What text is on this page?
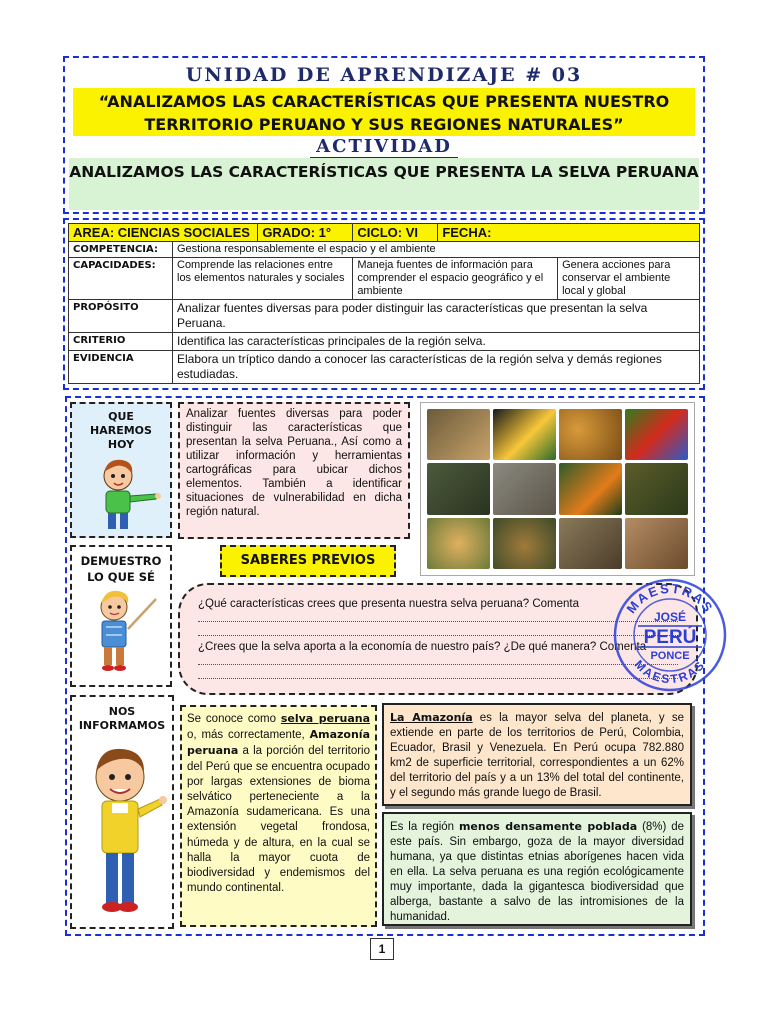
UNIDAD DE APRENDIZAJE # 03
“ANALIZAMOS LAS CARACTERÍSTICAS QUE PRESENTA NUESTRO TERRITORIO PERUANO Y SUS REGIONES NATURALES”
ACTIVIDAD
ANALIZAMOS LAS CARACTERÍSTICAS QUE PRESENTA LA SELVA PERUANA
AREA: CIENCIAS SOCIALES		GRADO: 1°	CICLO: VI	FECHA:	
COMPETENCIA:	Gestiona responsablemente el espacio y el ambiente				
CAPACIDADES:	Comprende las relaciones entre los elementos naturales y sociales		Maneja fuentes de información para comprender el espacio geográfico y el ambiente		Genera acciones para conservar el ambiente local y global
PROPÓSITO	Analizar fuentes diversas para poder distinguir las características que presentan la selva Peruana.				
CRITERIO	Identifica las características principales de la región selva.				
EVIDENCIA	Elabora un tríptico dando a conocer las características de la región selva y demás regiones estudiadas.				
QUE HAREMOS HOY
Analizar fuentes diversas para poder distinguir las características que presentan la selva Peruana., Así como a utilizar información y herramientas cartográficas para ubicar dichos elementos. También a identificar situaciones de vulnerabilidad en dicha región natural.
DEMUESTRO LO QUE SÉ
SABERES PREVIOS
¿Qué características crees que presenta nuestra selva peruana? Comenta
¿Crees que la selva aporta a la economía de nuestro país? ¿De qué manera? Comenta
MAESTRAS
JOSÉ
PERÚ
PONCE
MAESTRAS
NOS INFORMAMOS	Se conoce como selva peruana o, más correctamente, Amazonía peruana a la porción del territorio del Perú que se encuentra ocupado por largas extensiones de bioma selvático perteneciente a la Amazonía sudamericana. Es una extensión vegetal frondosa, húmeda y de altura, en la cual se halla la mayor cuota de biodiversidad y endemismos del mundo continental.
La Amazonía es la mayor selva del planeta, y se extiende en parte de los territorios de Perú, Colombia, Ecuador, Brasil y Venezuela. En Perú ocupa 782.880 km2 de superficie territorial, correspondientes a un 62% del territorio del país y a un 13% del total del continente, y el segundo más grande luego de Brasil.
Es la región menos densamente poblada (8%) de este país. Sin embargo, goza de la mayor diversidad humana, ya que distintas etnias aborígenes hacen vida en ella. La selva peruana es una región ecológicamente muy importante, dada la gigantesca biodiversidad que alberga, bastante a salvo de las intromisiones de la humanidad.
1
